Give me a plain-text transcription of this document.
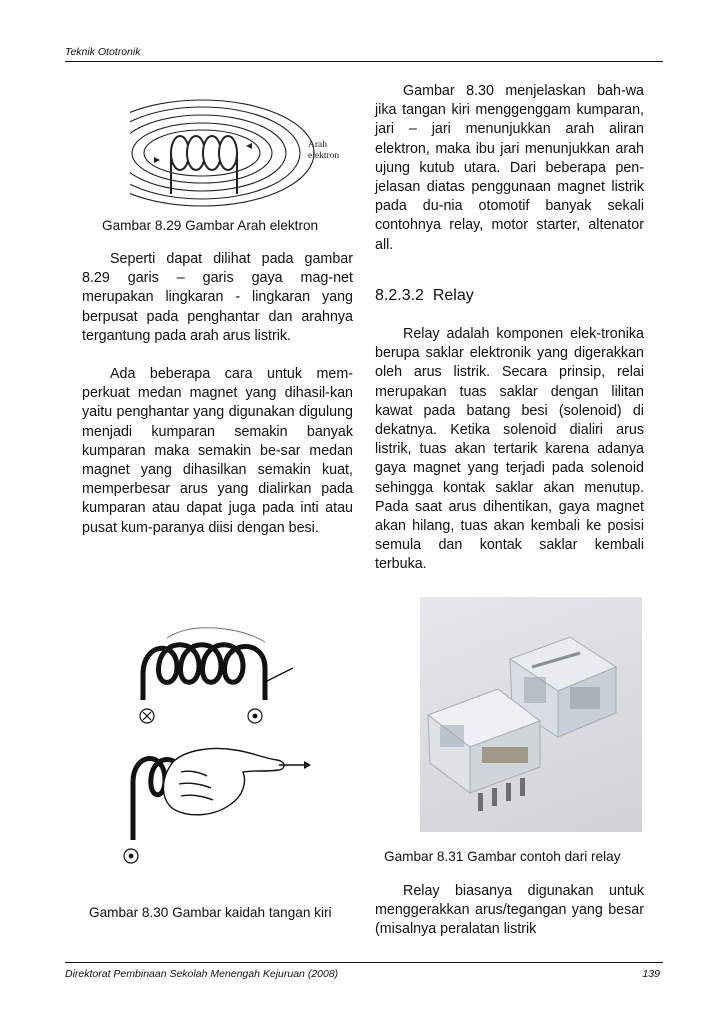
Teknik Ototronik
Arah
elektron
Gambar 8.29 Gambar Arah elektron
Seperti dapat dilihat pada gambar 8.29 garis – garis gaya mag-net merupakan lingkaran - lingkaran yang berpusat pada penghantar dan arahnya tergantung pada arah arus listrik.
Ada beberapa cara untuk mem-perkuat medan magnet yang dihasil-kan yaitu penghantar yang digunakan digulung menjadi kumparan semakin banyak kumparan maka semakin be-sar medan magnet yang dihasilkan semakin kuat, memperbesar arus yang dialirkan pada kumparan atau dapat juga pada inti atau pusat kum-paranya diisi dengan besi.
Gambar 8.30 Gambar kaidah tangan kiri
Gambar 8.30 menjelaskan bah-wa jika tangan kiri menggenggam kumparan, jari – jari menunjukkan arah aliran elektron, maka ibu jari menunjukkan arah ujung kutub utara. Dari beberapa pen-jelasan diatas penggunaan magnet listrik pada du-nia otomotif banyak sekali contohnya relay, motor starter, altenator all.
8.2.3.2  Relay
Relay adalah komponen elek-tronika berupa saklar elektronik yang digerakkan oleh arus listrik. Secara prinsip, relai merupakan tuas saklar dengan lilitan kawat pada batang besi (solenoid) di dekatnya. Ketika solenoid dialiri arus listrik, tuas akan tertarik karena adanya gaya magnet yang terjadi pada solenoid sehingga kontak saklar akan menutup. Pada saat arus dihentikan, gaya magnet akan hilang, tuas akan kembali ke posisi semula dan kontak saklar kembali terbuka.
Gambar 8.31 Gambar contoh dari relay
Relay biasanya digunakan untuk menggerakkan arus/tegangan yang besar (misalnya peralatan listrik
Direktorat Pembinaan Sekolah Menengah Kejuruan (2008)	139
